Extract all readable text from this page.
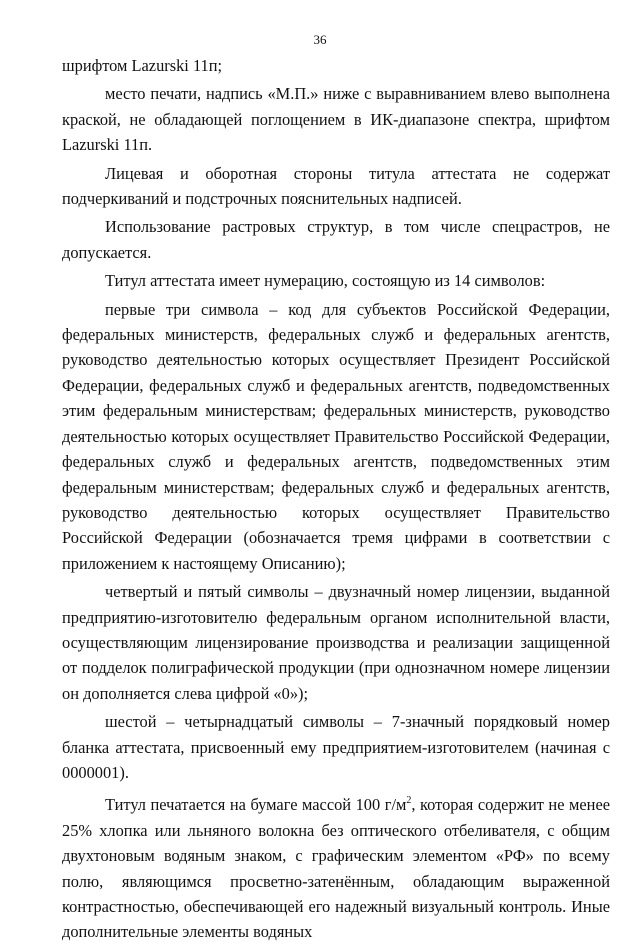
36

шрифтом Lazurski 11п;

место печати, надпись «М.П.» ниже с выравниванием влево выполнена краской, не обладающей поглощением в ИК-диапазоне спектра, шрифтом Lazurski 11п.

Лицевая и оборотная стороны титула аттестата не содержат подчеркиваний и подстрочных пояснительных надписей.

Использование растровых структур, в том числе спецрастров, не допускается.

Титул аттестата имеет нумерацию, состоящую из 14 символов:

первые три символа – код для субъектов Российской Федерации, федеральных министерств, федеральных служб и федеральных агентств, руководство деятельностью которых осуществляет Президент Российской Федерации, федеральных служб и федеральных агентств, подведомственных этим федеральным министерствам; федеральных министерств, руководство деятельностью которых осуществляет Правительство Российской Федерации, федеральных служб и федеральных агентств, подведомственных этим федеральным министерствам; федеральных служб и федеральных агентств, руководство деятельностью которых осуществляет Правительство Российской Федерации (обозначается тремя цифрами в соответствии с приложением к настоящему Описанию);

четвертый и пятый символы – двузначный номер лицензии, выданной предприятию-изготовителю федеральным органом исполнительной власти, осуществляющим лицензирование производства и реализации защищенной от подделок полиграфической продукции (при однозначном номере лицензии он дополняется слева цифрой «0»);

шестой – четырнадцатый символы – 7-значный порядковый номер бланка аттестата, присвоенный ему предприятием-изготовителем (начиная с 0000001).

Титул печатается на бумаге массой 100 $г/м^2$, которая содержит не менее 25% хлопка или льняного волокна без оптического отбеливателя, с общим двухтоновым водяным знаком, с графическим элементом «РФ» по всему полю, являющимся просветно-затенённым, обладающим выраженной контрастностью, обеспечивающей его надежный визуальный контроль. Иные дополнительные элементы водяных
